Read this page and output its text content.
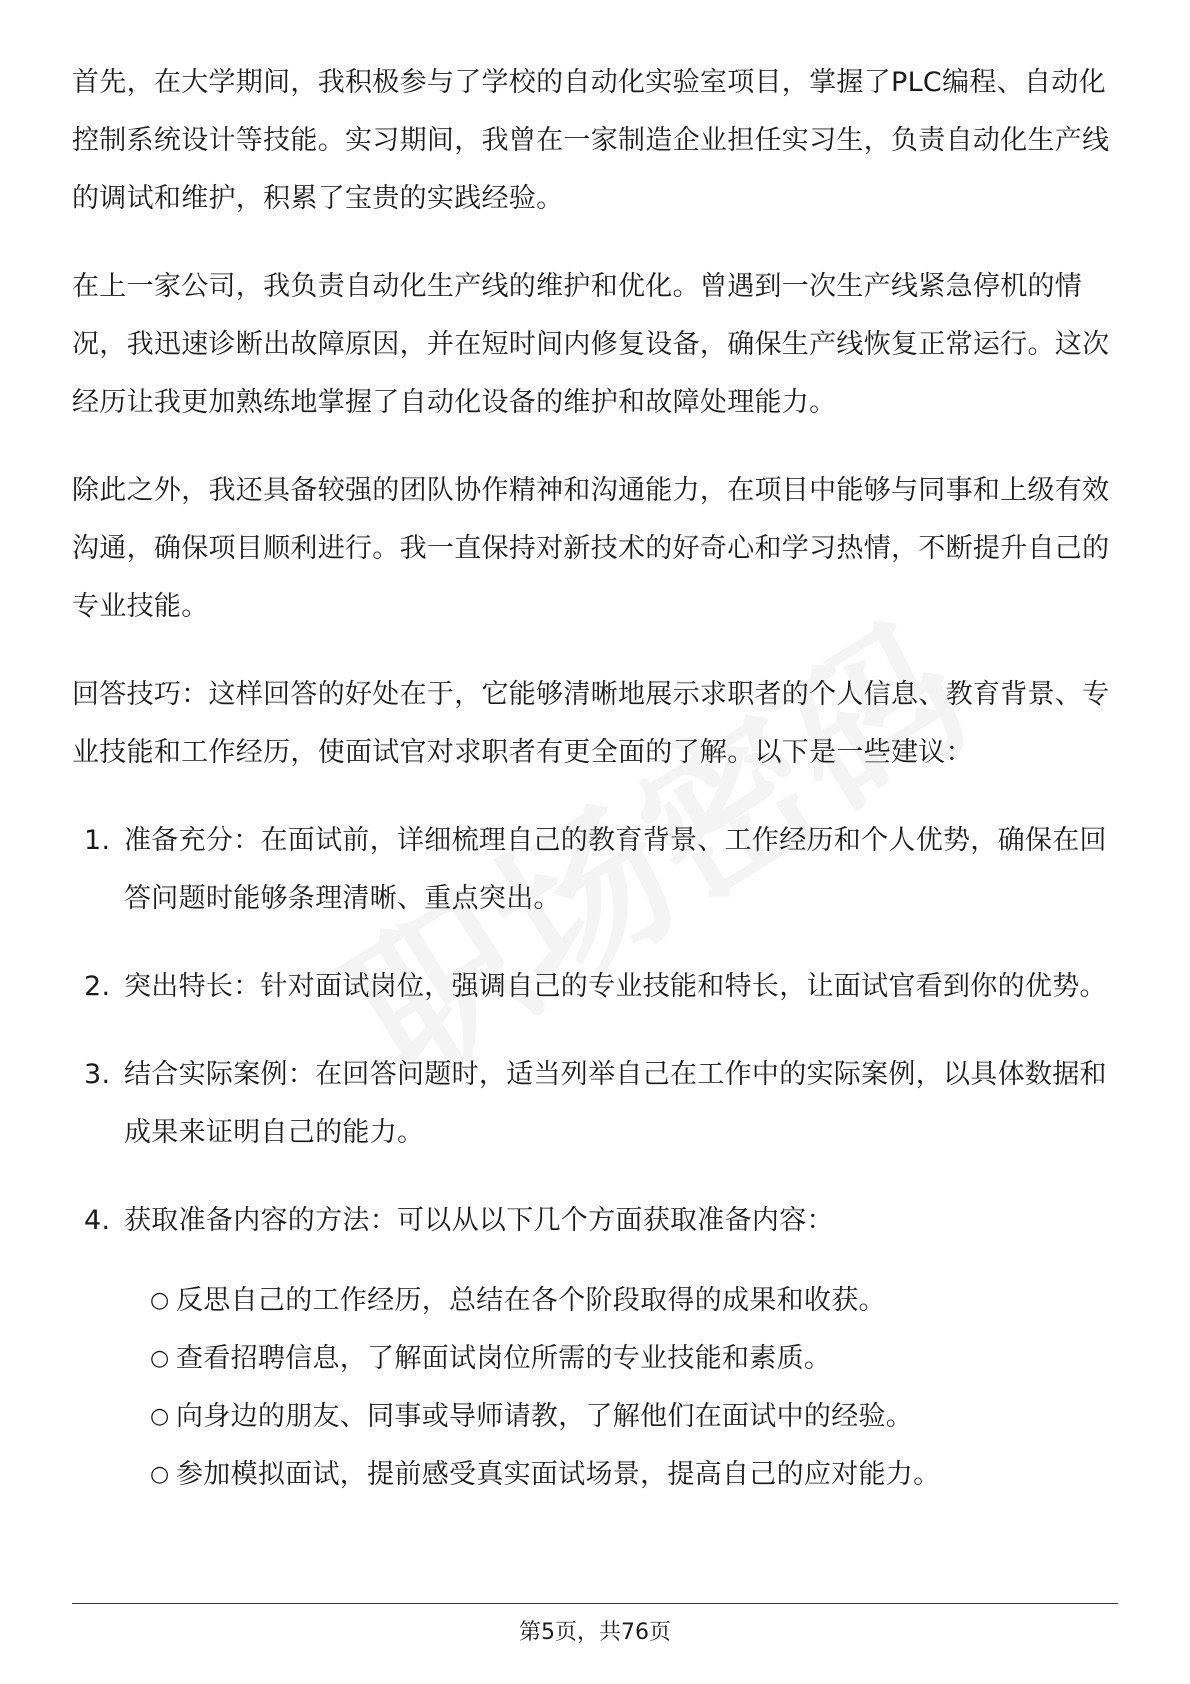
首先，在大学期间，我积极参与了学校的自动化实验室项目，掌握了PLC编程、自动化控制系统设计等技能。实习期间，我曾在一家制造企业担任实习生，负责自动化生产线的调试和维护，积累了宝贵的实践经验。

在上一家公司，我负责自动化生产线的维护和优化。曾遇到一次生产线紧急停机的情况，我迅速诊断出故障原因，并在短时间内修复设备，确保生产线恢复正常运行。这次经历让我更加熟练地掌握了自动化设备的维护和故障处理能力。

除此之外，我还具备较强的团队协作精神和沟通能力，在项目中能够与同事和上级有效沟通，确保项目顺利进行。我一直保持对新技术的好奇心和学习热情，不断提升自己的专业技能。

回答技巧：这样回答的好处在于，它能够清晰地展示求职者的个人信息、教育背景、专业技能和工作经历，使面试官对求职者有更全面的了解。以下是一些建议：

1. 准备充分：在面试前，详细梳理自己的教育背景、工作经历和个人优势，确保在回答问题时能够条理清晰、重点突出。
2. 突出特长：针对面试岗位，强调自己的专业技能和特长，让面试官看到你的优势。
3. 结合实际案例：在回答问题时，适当列举自己在工作中的实际案例，以具体数据和成果来证明自己的能力。
4. 获取准备内容的方法：可以从以下几个方面获取准备内容：
○ 反思自己的工作经历，总结在各个阶段取得的成果和收获。
○ 查看招聘信息，了解面试岗位所需的专业技能和素质。
○ 向身边的朋友、同事或导师请教，了解他们在面试中的经验。
○ 参加模拟面试，提前感受真实面试场景，提高自己的应对能力。
第5页，共76页
